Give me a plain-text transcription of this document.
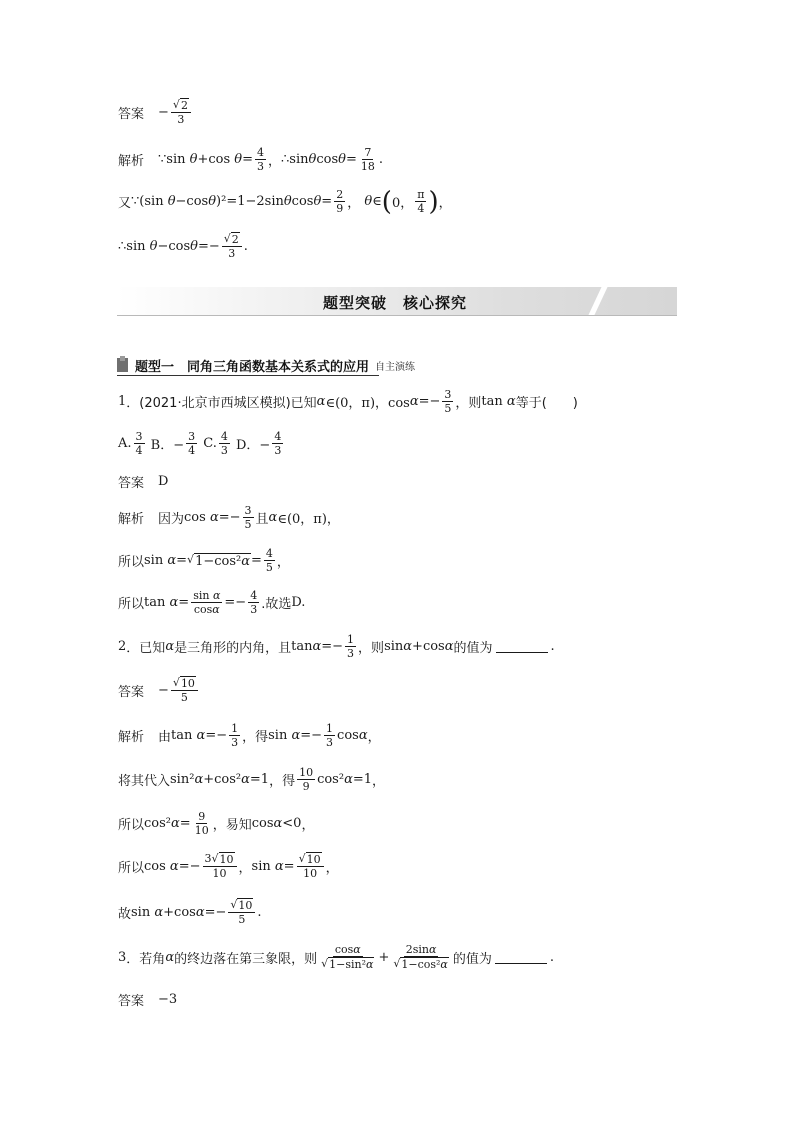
答案 − $\frac{√ 2}{3}$
解析 ∵sin θ +cos $\theta = \frac{4}{3}$ ， ∴sin θ $\cos \theta = \frac{7}{18}$ .
又 ∵(sin θ −cos θ )²=1−2sin θ $\cos \theta = \frac{2}{9}$ ， θ ∈ ( 0， $\frac{\pi}{4}$ ) ，
∴sin θ −cos $\theta =- \frac{√ 2}{3}$ .
题型突破　核心探究
题型一　同角三角函数基本关系式的应用 自主演练
1 ． (2021·北京市西城区模拟)已知 α ∈(0，π)，$\cos \alpha =- \frac{3}{5}$ ，则 tan α 等于(　　)
A. $\frac{3}{4}$ B．− $\frac{3}{4} C$. $\frac{4}{3}$ D．− $\frac{4}{3}$
答案 D
解析 因为 $\cos \alpha =- \frac{3}{5}$ 且 α ∈(0，π)，
所以 sin α = √ $1-\cos^2\alpha = \frac{4}{5}$ ，
所以 $\tan \alpha = \frac{\text{sin α}}{\cos\alpha} =- \frac{4}{3}$ .故选 D.
2 ． 已知 α 是三角形的内角，且 $\tan \alpha =- \frac{1}{3}$ ，则 sin α +cos α 的值为	.
答案 − $\frac{√ 10}{5}$
解析 由 $\tan \alpha =- \frac{1}{3}$ ，得 $\sin \alpha =- \frac{1}{3}$ cos α ，
将其代入 sin² α +cos² α =1 ，得 $\frac{10}{9} \cos^2$ α =1 ，
所以 cos² $\alpha = \frac{9}{10}$ ，易知 cos α <0 ，
所以 $\cos \alpha =- \frac{3 √ 10}{10}$ ， $\sin \alpha = \frac{√ 10}{10}$ ，
故 sin α +cos $\alpha =- \frac{√ 10}{5}$ .
3 ． 若角 α 的终边落在第三象限，则 $\frac{\cos\alpha}{\text{√ 1−sin²α}} + \frac{2\sin\alpha}{\text{√ 1−cos²α}}$ 的值为	.
答案 −3
